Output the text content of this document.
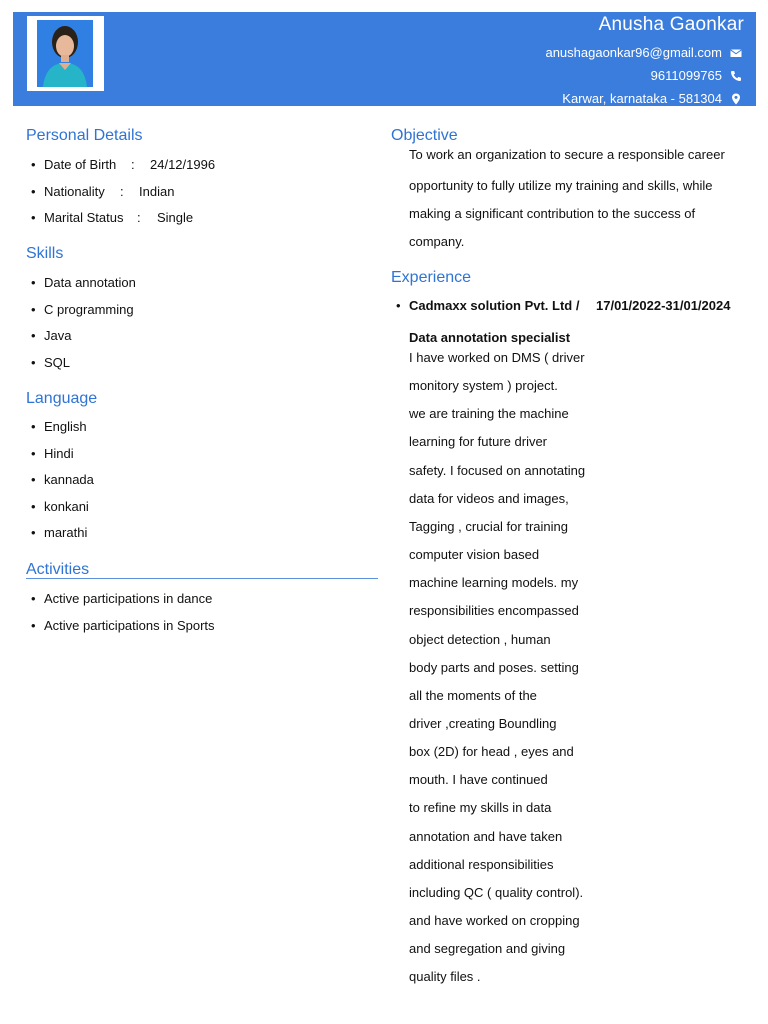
Anusha Gaonkar
anushagaonkar96@gmail.com
9611099765
Karwar, karnataka - 581304
Personal Details
• Date of Birth : 24/12/1996
• Nationality : Indian
• Marital Status : Single
Skills
• Data annotation
• C programming
• Java
• SQL
Language
• English
• Hindi
• kannada
• konkani
• marathi
Activities
• Active participations in dance
• Active participations in Sports
Objective
To work an organization to secure a responsible career
opportunity to fully utilize my training and skills, while
making a significant contribution to the success of
company.
Experience
• Cadmaxx solution Pvt. Ltd / 17/01/2022-31/01/2024
Data annotation specialist
I have worked on DMS ( driver
monitory system ) project.
we are training the machine
learning for future driver
safety. I focused on annotating
data for videos and images,
Tagging , crucial for training
computer vision based
machine learning models. my
responsibilities encompassed
object detection , human
body parts and poses. setting
all the moments of the
driver ,creating Boundling
box (2D) for head , eyes and
mouth. I have continued
to refine my skills in data
annotation and have taken
additional responsibilities
including QC ( quality control).
and have worked on cropping
and segregation and giving
quality files .
